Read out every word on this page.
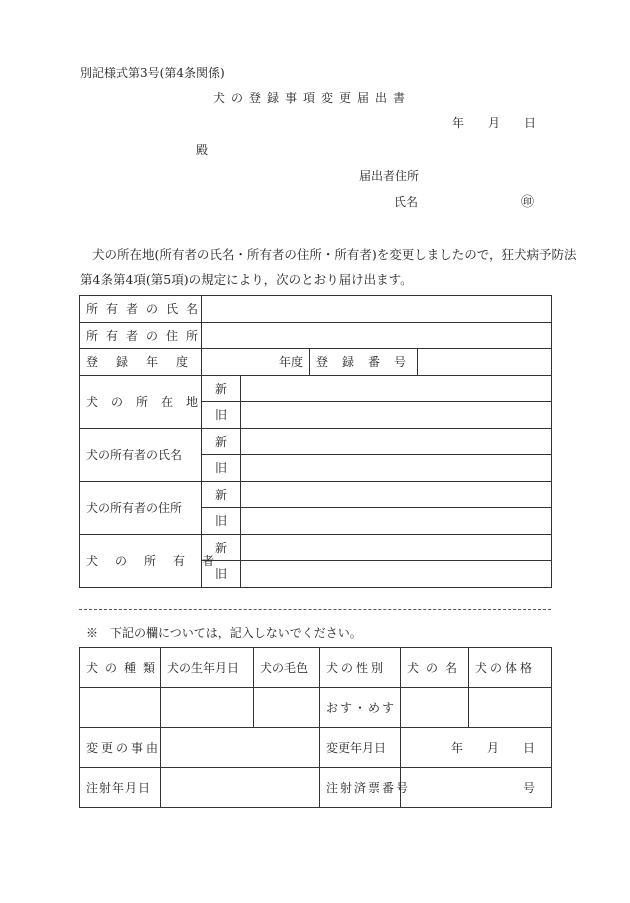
別記様式第3号(第4条関係)
犬の登録事項変更届出書
年 月 日
殿
届出者住所
氏名	㊞
犬の所在地(所有者の氏名・所有者の住所・所有者)を変更しましたので，狂犬病予防法
第4条第4項(第5項)の規定により，次のとおり届け出ます。
所有者の氏名				
所有者の住所				
登録年度	年度		登録番号	
犬の所在地	新			
	旧			
犬の所有者の氏名	新			
	旧			
犬の所有者の住所	新			
	旧			
犬の所有者	新			
	旧			
※　下記の欄については，記入しないでください。
犬の種類	犬の生年月日	犬の毛色	犬の性別	犬の名	犬の体格
			おす・めす		
変更の事由			変更年月日	年　　月　　日	
注射年月日			注射済票番号	号	
